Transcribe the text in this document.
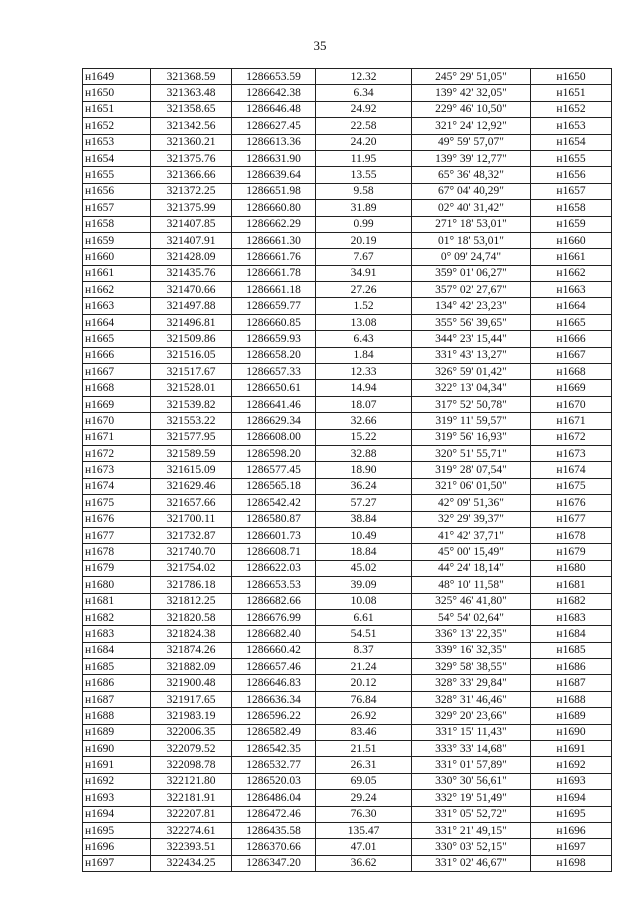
35
н1649	321368.59	1286653.59	12.32	245° 29' 51,05"	н1650
н1650	321363.48	1286642.38	6.34	139° 42' 32,05"	н1651
н1651	321358.65	1286646.48	24.92	229° 46' 10,50"	н1652
н1652	321342.56	1286627.45	22.58	321° 24' 12,92"	н1653
н1653	321360.21	1286613.36	24.20	49° 59' 57,07"	н1654
н1654	321375.76	1286631.90	11.95	139° 39' 12,77"	н1655
н1655	321366.66	1286639.64	13.55	65° 36' 48,32"	н1656
н1656	321372.25	1286651.98	9.58	67° 04' 40,29"	н1657
н1657	321375.99	1286660.80	31.89	02° 40' 31,42"	н1658
н1658	321407.85	1286662.29	0.99	271° 18' 53,01"	н1659
н1659	321407.91	1286661.30	20.19	01° 18' 53,01"	н1660
н1660	321428.09	1286661.76	7.67	0° 09' 24,74"	н1661
н1661	321435.76	1286661.78	34.91	359° 01' 06,27"	н1662
н1662	321470.66	1286661.18	27.26	357° 02' 27,67"	н1663
н1663	321497.88	1286659.77	1.52	134° 42' 23,23"	н1664
н1664	321496.81	1286660.85	13.08	355° 56' 39,65"	н1665
н1665	321509.86	1286659.93	6.43	344° 23' 15,44"	н1666
н1666	321516.05	1286658.20	1.84	331° 43' 13,27"	н1667
н1667	321517.67	1286657.33	12.33	326° 59' 01,42"	н1668
н1668	321528.01	1286650.61	14.94	322° 13' 04,34"	н1669
н1669	321539.82	1286641.46	18.07	317° 52' 50,78"	н1670
н1670	321553.22	1286629.34	32.66	319° 11' 59,57"	н1671
н1671	321577.95	1286608.00	15.22	319° 56' 16,93"	н1672
н1672	321589.59	1286598.20	32.88	320° 51' 55,71"	н1673
н1673	321615.09	1286577.45	18.90	319° 28' 07,54"	н1674
н1674	321629.46	1286565.18	36.24	321° 06' 01,50"	н1675
н1675	321657.66	1286542.42	57.27	42° 09' 51,36"	н1676
н1676	321700.11	1286580.87	38.84	32° 29' 39,37"	н1677
н1677	321732.87	1286601.73	10.49	41° 42' 37,71"	н1678
н1678	321740.70	1286608.71	18.84	45° 00' 15,49"	н1679
н1679	321754.02	1286622.03	45.02	44° 24' 18,14"	н1680
н1680	321786.18	1286653.53	39.09	48° 10' 11,58"	н1681
н1681	321812.25	1286682.66	10.08	325° 46' 41,80"	н1682
н1682	321820.58	1286676.99	6.61	54° 54' 02,64"	н1683
н1683	321824.38	1286682.40	54.51	336° 13' 22,35"	н1684
н1684	321874.26	1286660.42	8.37	339° 16' 32,35"	н1685
н1685	321882.09	1286657.46	21.24	329° 58' 38,55"	н1686
н1686	321900.48	1286646.83	20.12	328° 33' 29,84"	н1687
н1687	321917.65	1286636.34	76.84	328° 31' 46,46"	н1688
н1688	321983.19	1286596.22	26.92	329° 20' 23,66"	н1689
н1689	322006.35	1286582.49	83.46	331° 15' 11,43"	н1690
н1690	322079.52	1286542.35	21.51	333° 33' 14,68"	н1691
н1691	322098.78	1286532.77	26.31	331° 01' 57,89"	н1692
н1692	322121.80	1286520.03	69.05	330° 30' 56,61"	н1693
н1693	322181.91	1286486.04	29.24	332° 19' 51,49"	н1694
н1694	322207.81	1286472.46	76.30	331° 05' 52,72"	н1695
н1695	322274.61	1286435.58	135.47	331° 21' 49,15"	н1696
н1696	322393.51	1286370.66	47.01	330° 03' 52,15"	н1697
н1697	322434.25	1286347.20	36.62	331° 02' 46,67"	н1698
